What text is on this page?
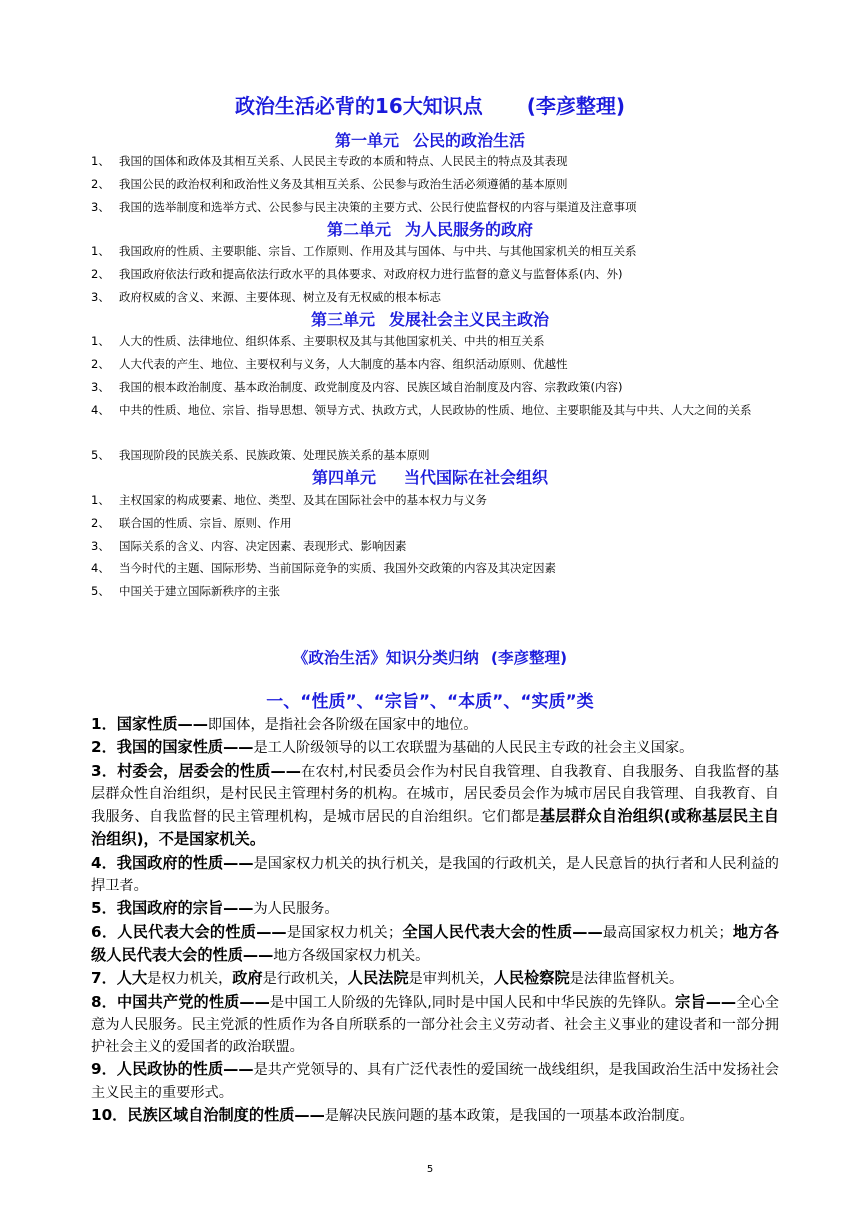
政治生活必背的16大知识点 (李彦整理)
第一单元 公民的政治生活
1、 我国的国体和政体及其相互关系、人民民主专政的本质和特点、人民民主的特点及其表现
2、 我国公民的政治权利和政治性义务及其相互关系、公民参与政治生活必须遵循的基本原则
3、 我国的选举制度和选举方式、公民参与民主决策的主要方式、公民行使监督权的内容与渠道及注意事项
第二单元 为人民服务的政府
1、 我国政府的性质、主要职能、宗旨、工作原则、作用及其与国体、与中共、与其他国家机关的相互关系
2、 我国政府依法行政和提高依法行政水平的具体要求、对政府权力进行监督的意义与监督体系(内、外)
3、 政府权威的含义、来源、主要体现、树立及有无权威的根本标志
第三单元 发展社会主义民主政治
1、 人大的性质、法律地位、组织体系、主要职权及其与其他国家机关、中共的相互关系
2、 人大代表的产生、地位、主要权利与义务，人大制度的基本内容、组织活动原则、优越性
3、 我国的根本政治制度、基本政治制度、政党制度及内容、民族区域自治制度及内容、宗教政策(内容)
4、 中共的性质、地位、宗旨、指导思想、领导方式、执政方式，人民政协的性质、地位、主要职能及其与中共、人大之间的关系
5、 我国现阶段的民族关系、民族政策、处理民族关系的基本原则
第四单元 当代国际在社会组织
1、 主权国家的构成要素、地位、类型、及其在国际社会中的基本权力与义务
2、 联合国的性质、宗旨、原则、作用
3、 国际关系的含义、内容、决定因素、表现形式、影响因素
4、 当今时代的主题、国际形势、当前国际竞争的实质、我国外交政策的内容及其决定因素
5、 中国关于建立国际新秩序的主张
《政治生活》知识分类归纳 (李彦整理)
一、“性质”、“宗旨”、“本质”、“实质”类

1．国家性质——即国体，是指社会各阶级在国家中的地位。

2．我国的国家性质——是工人阶级领导的以工农联盟为基础的人民民主专政的社会主义国家。

3．村委会，居委会的性质——在农村,村民委员会作为村民自我管理、自我教育、自我服务、自我监督的基层群众性自治组织，是村民民主管理村务的机构。在城市，居民委员会作为城市居民自我管理、自我教育、自我服务、自我监督的民主管理机构，是城市居民的自治组织。它们都是基层群众自治组织(或称基层民主自治组织)，不是国家机关。

4．我国政府的性质——是国家权力机关的执行机关，是我国的行政机关，是人民意旨的执行者和人民利益的捍卫者。

5．我国政府的宗旨——为人民服务。

6．人民代表大会的性质——是国家权力机关；全国人民代表大会的性质——最高国家权力机关；地方各级人民代表大会的性质——地方各级国家权力机关。

7．人大是权力机关，政府是行政机关，人民法院是审判机关，人民检察院是法律监督机关。

8．中国共产党的性质——是中国工人阶级的先锋队,同时是中国人民和中华民族的先锋队。宗旨——全心全意为人民服务。民主党派的性质作为各自所联系的一部分社会主义劳动者、社会主义事业的建设者和一部分拥护社会主义的爱国者的政治联盟。

9．人民政协的性质——是共产党领导的、具有广泛代表性的爱国统一战线组织，是我国政治生活中发扬社会主义民主的重要形式。

10．民族区域自治制度的性质——是解决民族问题的基本政策，是我国的一项基本政治制度。

5
